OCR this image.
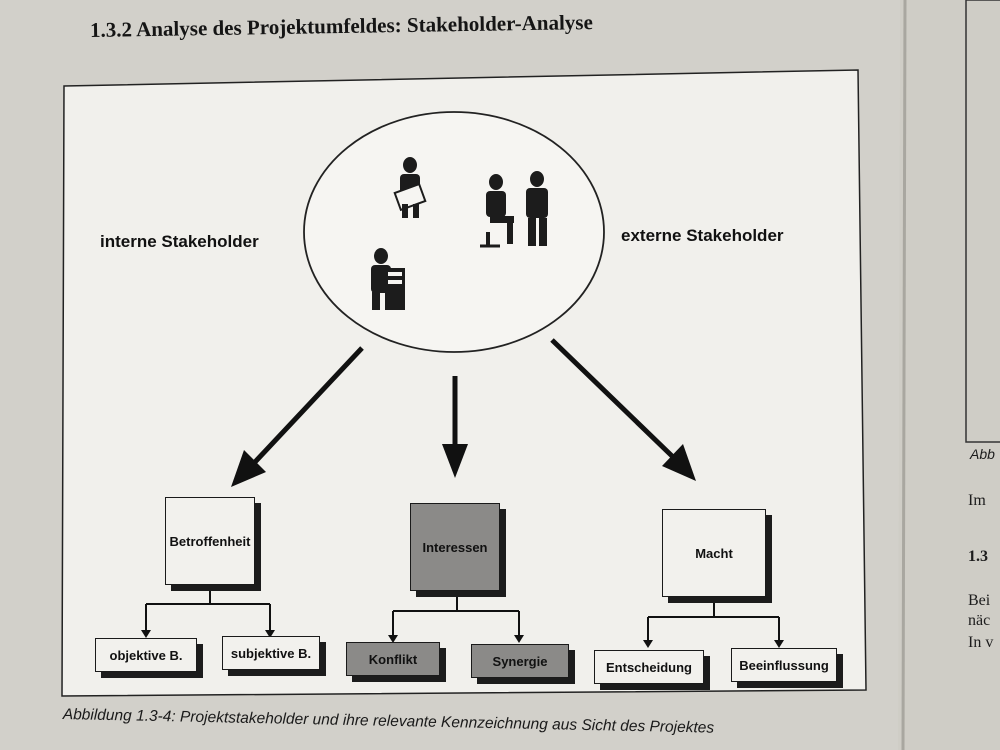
1.3.2 Analyse des Projektumfeldes: Stakeholder-Analyse
interne Stakeholder	externe Stakeholder
Betroffenheit	Interessen	Macht
objektive B.	subjektive B.	Konflikt	Synergie	Entscheidung	Beeinflussung
Abbildung 1.3-4: Projektstakeholder und ihre relevante Kennzeichnung aus Sicht des Projektes
Abb
Im
1.3
Bei
näc
In v
